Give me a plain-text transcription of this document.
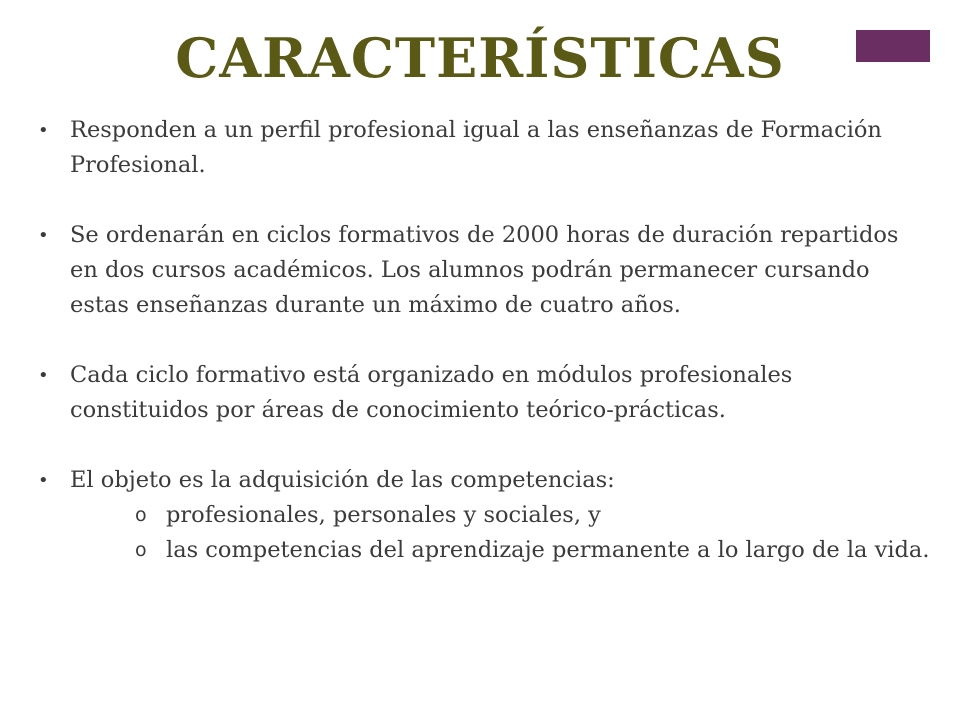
CARACTERÍSTICAS
• Responden a un perfil profesional igual a las enseñanzas de Formación Profesional.
• Se ordenarán en ciclos formativos de 2000 horas de duración repartidos en dos cursos académicos. Los alumnos podrán permanecer cursando estas enseñanzas durante un máximo de cuatro años.
• Cada ciclo formativo está organizado en módulos profesionales constituidos por áreas de conocimiento teórico-prácticas.
• El objeto es la adquisición de las competencias:
o profesionales, personales y sociales, y
o las competencias del aprendizaje permanente a lo largo de la vida.
